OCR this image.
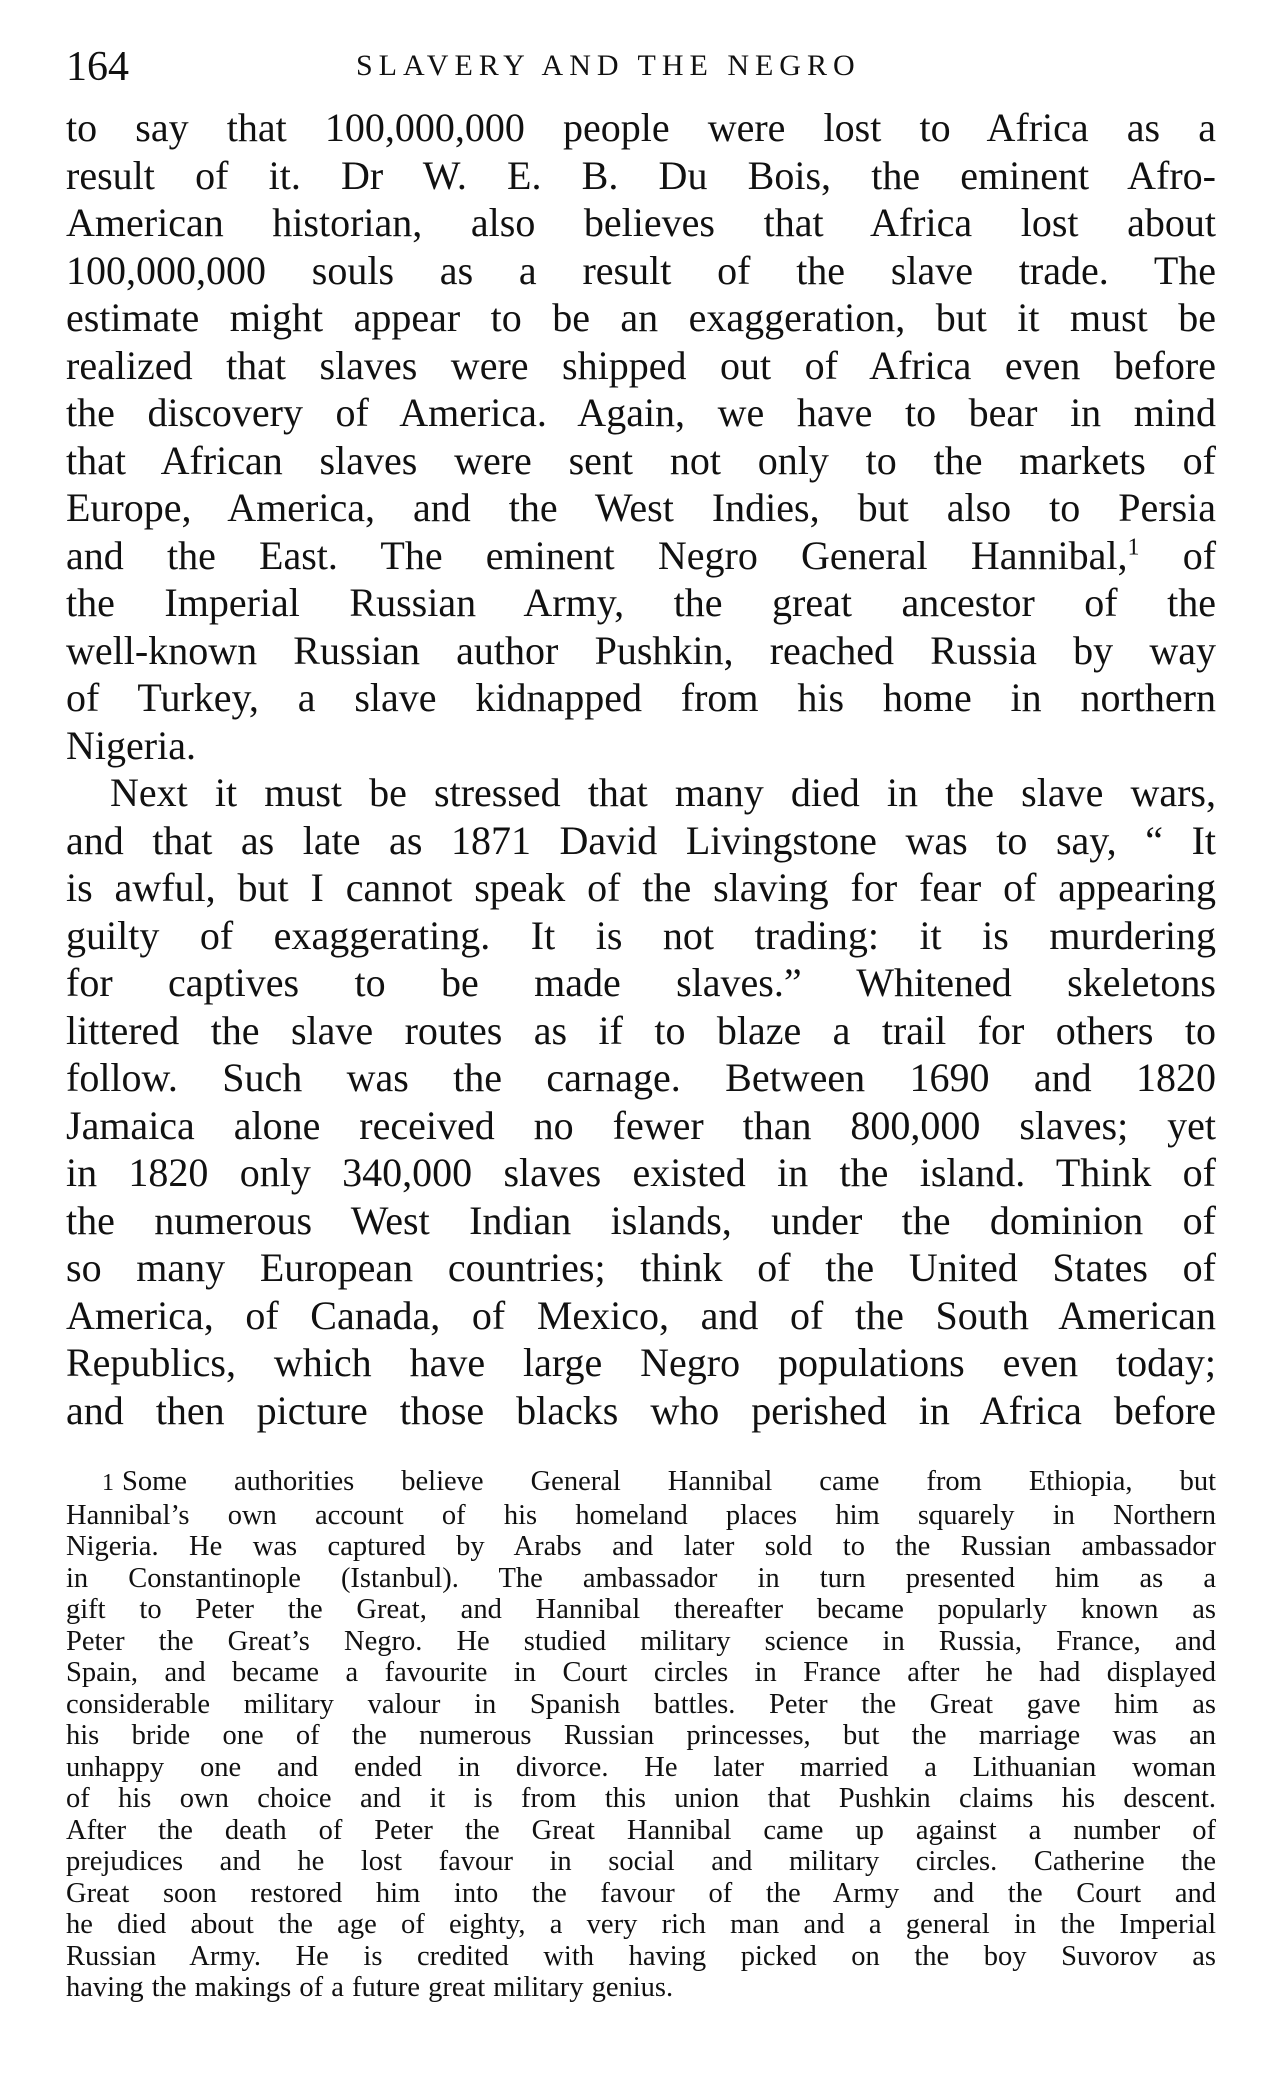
164	SLAVERY AND THE NEGRO
to say that 100,000,000 people were lost to Africa as a
result of it. Dr W. E. B. Du Bois, the eminent Afro-
American historian, also believes that Africa lost about
100,000,000 souls as a result of the slave trade. The
estimate might appear to be an exaggeration, but it must be
realized that slaves were shipped out of Africa even before
the discovery of America. Again, we have to bear in mind
that African slaves were sent not only to the markets of
Europe, America, and the West Indies, but also to Persia
and the East. The eminent Negro General Hannibal,$^1$ of
the Imperial Russian Army, the great ancestor of the
well-known Russian author Pushkin, reached Russia by way
of Turkey, a slave kidnapped from his home in northern
Nigeria.
Next it must be stressed that many died in the slave wars,
and that as late as 1871 David Livingstone was to say, “ It
is awful, but I cannot speak of the slaving for fear of appearing
guilty of exaggerating. It is not trading: it is murdering
for captives to be made slaves.” Whitened skeletons
littered the slave routes as if to blaze a trail for others to
follow. Such was the carnage. Between 1690 and 1820
Jamaica alone received no fewer than 800,000 slaves; yet
in 1820 only 340,000 slaves existed in the island. Think of
the numerous West Indian islands, under the dominion of
so many European countries; think of the United States of
America, of Canada, of Mexico, and of the South American
Republics, which have large Negro populations even today;
and then picture those blacks who perished in Africa before
1 Some authorities believe General Hannibal came from Ethiopia, but
Hannibal’s own account of his homeland places him squarely in Northern
Nigeria. He was captured by Arabs and later sold to the Russian ambassador
in Constantinople (Istanbul). The ambassador in turn presented him as a
gift to Peter the Great, and Hannibal thereafter became popularly known as
Peter the Great’s Negro. He studied military science in Russia, France, and
Spain, and became a favourite in Court circles in France after he had displayed
considerable military valour in Spanish battles. Peter the Great gave him as
his bride one of the numerous Russian princesses, but the marriage was an
unhappy one and ended in divorce. He later married a Lithuanian woman
of his own choice and it is from this union that Pushkin claims his descent.
After the death of Peter the Great Hannibal came up against a number of
prejudices and he lost favour in social and military circles. Catherine the
Great soon restored him into the favour of the Army and the Court and
he died about the age of eighty, a very rich man and a general in the Imperial
Russian Army. He is credited with having picked on the boy Suvorov as
having the makings of a future great military genius.
